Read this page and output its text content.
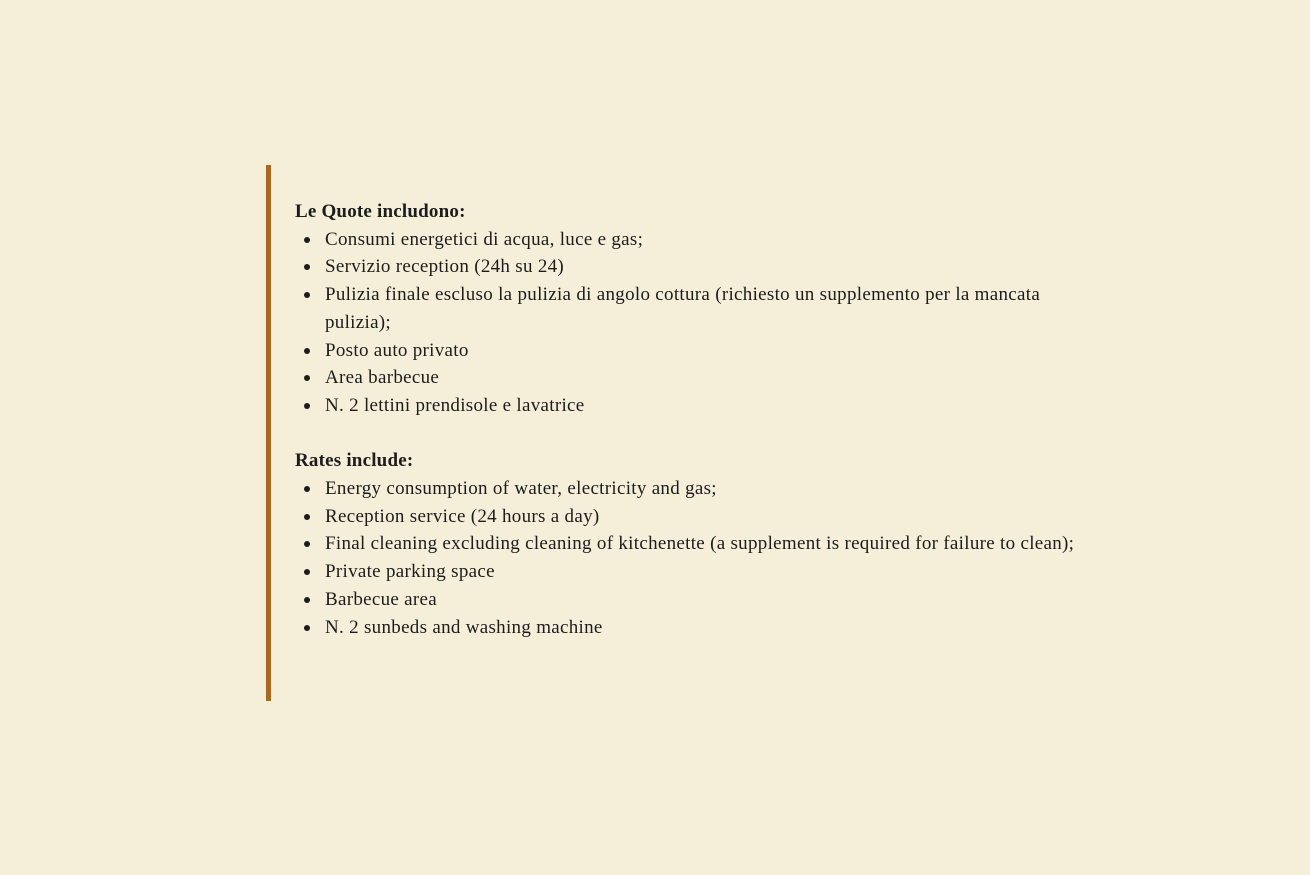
Le Quote includono:

Consumi energetici di acqua, luce e gas;
Servizio reception (24h su 24)
Pulizia finale escluso la pulizia di angolo cottura (richiesto un supplemento per la mancata pulizia);
Posto auto privato
Area barbecue
N. 2 lettini prendisole e lavatrice

Rates include:

Energy consumption of water, electricity and gas;
Reception service (24 hours a day)
Final cleaning excluding cleaning of kitchenette (a supplement is required for failure to clean);
Private parking space
Barbecue area
N. 2 sunbeds and washing machine
